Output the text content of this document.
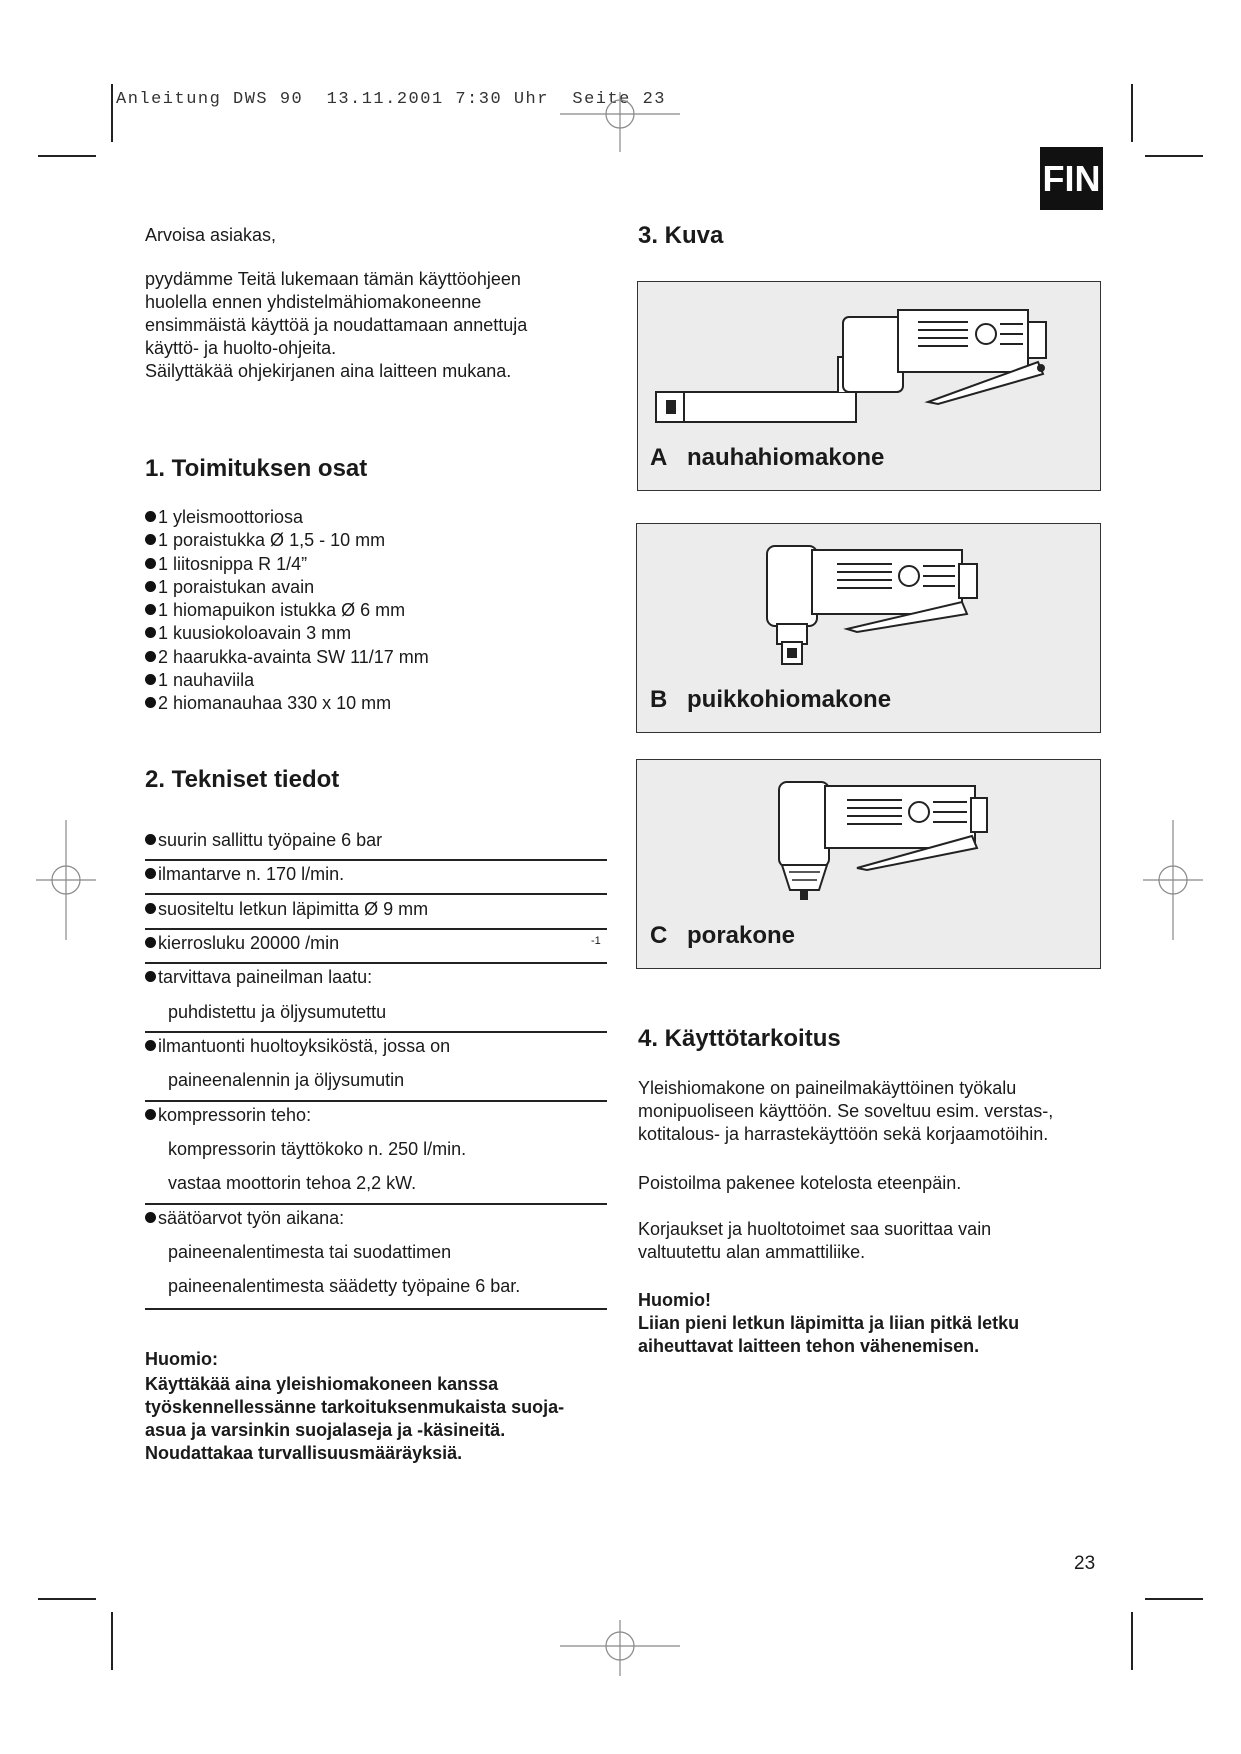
Anleitung DWS 90  13.11.2001 7:30 Uhr  Seite 23
FIN

Arvoisa asiakas,

pyydämme Teitä lukemaan tämän käyttöohjeen

huolella ennen yhdistelmähiomakoneenne

ensimmäistä käyttöä ja noudattamaan annettuja

käyttö- ja huolto-ohjeita.

Säilyttäkää ohjekirjanen aina laitteen mukana.

1. Toimituksen osat
1 yleismoottoriosa
1 poraistukka Ø 1,5 - 10 mm
1 liitosnippa R 1/4”
1 poraistukan avain
1 hiomapuikon istukka Ø 6 mm
1 kuusiokoloavain 3 mm
2 haarukka-avainta SW 11/17 mm
1 nauhaviila
2 hiomanauhaa 330 x 10 mm
2. Tekniset tiedot
suurin sallittu työpaine 6 bar
ilmantarve n. 170 l/min.
suositeltu letkun läpimitta Ø 9 mm
kierrosluku 20000 /min	-1
tarvittava paineilman laatu:
puhdistettu ja öljysumutettu
ilmantuonti huoltoyksiköstä, jossa on
paineenalennin ja öljysumutin
kompressorin teho:
kompressorin täyttökoko n. 250 l/min.
vastaa moottorin tehoa 2,2 kW.
säätöarvot työn aikana:
paineenalentimesta tai suodattimen
paineenalentimesta säädetty työpaine 6 bar.
Huomio:
Käyttäkää aina yleishiomakoneen kanssa
työskennellessänne tarkoituksenmukaista suoja-
asua ja varsinkin suojalaseja ja -käsineitä.
Noudattakaa turvallisuusmääräyksiä.
3. Kuva
A nauhahiomakone
B puikkohiomakone
C porakone
4. Käyttötarkoitus

Yleishiomakone on paineilmakäyttöinen työkalu

monipuoliseen käyttöön. Se soveltuu esim. verstas-,

kotitalous- ja harrastekäyttöön sekä korjaamotöihin.

Poistoilma pakenee kotelosta eteenpäin.

Korjaukset ja huoltotoimet saa suorittaa vain

valtuutettu alan ammattiliike.

Huomio!
Liian pieni letkun läpimitta ja liian pitkä letku
aiheuttavat laitteen tehon vähenemisen.
23
